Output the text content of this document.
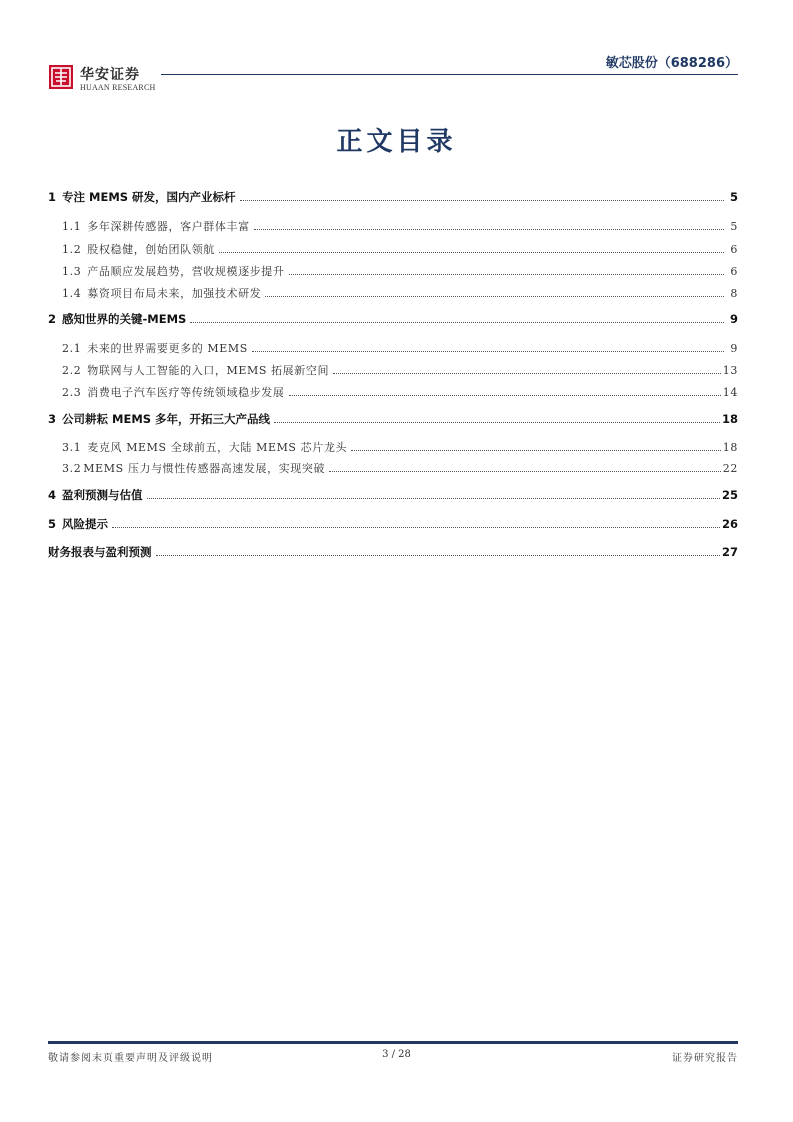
华安证券
HUAAN RESEARCH
敏芯股份（688286）
正文目录
1 专注 MEMS 研发，国内产业标杆	5
1.1 多年深耕传感器，客户群体丰富	5
1.2 股权稳健，创始团队领航	6
1.3 产品顺应发展趋势，营收规模逐步提升	6
1.4 募资项目布局未来，加强技术研发	8
2 感知世界的关键-MEMS	9
2.1 未来的世界需要更多的 MEMS	9
2.2 物联网与人工智能的入口，MEMS 拓展新空间	13
2.3 消费电子汽车医疗等传统领域稳步发展	14
3 公司耕耘 MEMS 多年，开拓三大产品线	18
3.1 麦克风 MEMS 全球前五，大陆 MEMS 芯片龙头	18
3.2 MEMS 压力与惯性传感器高速发展，实现突破	22
4 盈利预测与估值	25
5 风险提示	26
财务报表与盈利预测	27
敬请参阅末页重要声明及评级说明	3 / 28	证券研究报告
